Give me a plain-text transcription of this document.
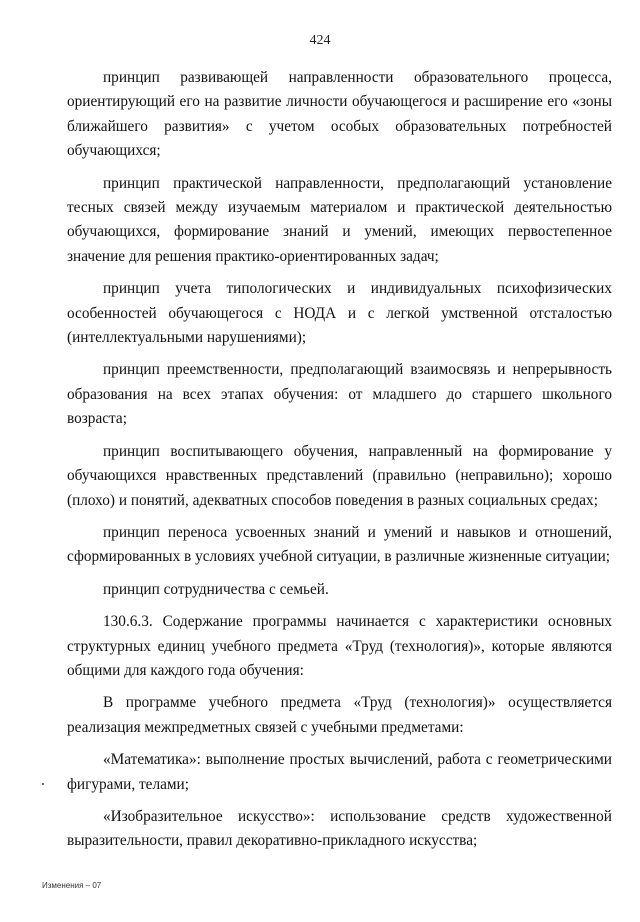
424

принцип развивающей направленности образовательного процесса, ориентирующий его на развитие личности обучающегося и расширение его «зоны ближайшего развития» с учетом особых образовательных потребностей обучающихся;

принцип практической направленности, предполагающий установление тесных связей между изучаемым материалом и практической деятельностью обучающихся, формирование знаний и умений, имеющих первостепенное значение для решения практико-ориентированных задач;

принцип учета типологических и индивидуальных психофизических особенностей обучающегося с НОДА и с легкой умственной отсталостью (интеллектуальными нарушениями);

принцип преемственности, предполагающий взаимосвязь и непрерывность образования на всех этапах обучения: от младшего до старшего школьного возраста;

принцип воспитывающего обучения, направленный на формирование у обучающихся нравственных представлений (правильно (неправильно); хорошо (плохо) и понятий, адекватных способов поведения в разных социальных средах;

принцип переноса усвоенных знаний и умений и навыков и отношений, сформированных в условиях учебной ситуации, в различные жизненные ситуации;

принцип сотрудничества с семьей.

130.6.3. Содержание программы начинается с характеристики основных структурных единиц учебного предмета «Труд (технология)», которые являются общими для каждого года обучения:

В программе учебного предмета «Труд (технология)» осуществляется реализация межпредметных связей с учебными предметами:

«Математика»: выполнение простых вычислений, работа с геометрическими фигурами, телами;

«Изобразительное искусство»: использование средств художественной выразительности, правил декоративно-прикладного искусства;

Изменения – 07
